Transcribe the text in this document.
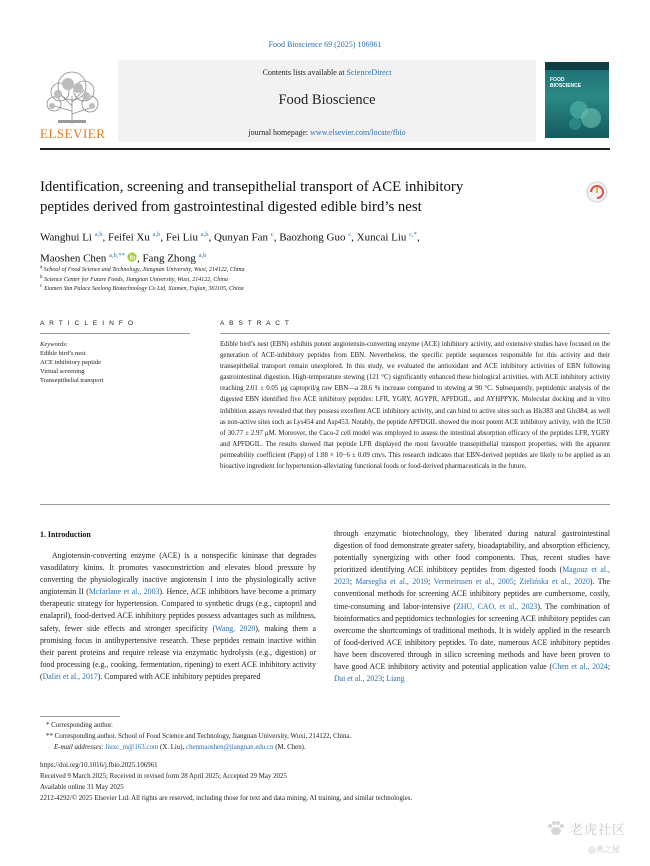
Food Bioscience 69 (2025) 106961
ELSEVIER
Contents lists available at ScienceDirect
Food Bioscience
journal homepage: www.elsevier.com/locate/fbio
FOOD
BIOSCIENCE
Identification, screening and transepithelial transport of ACE inhibitory
peptides derived from gastrointestinal digested edible bird’s nest
Wanghui Li $^{a,b}$, Feifei Xu $^{a,b}$, Fei Liu $^{a,b}$, Qunyan Fan $^c$, Baozhong Guo $^c$, Xuncai Liu $^{c,*}$,
Maoshen Chen $^{a,b,**}$ , Fang Zhong $^{a,b}$
$^a$ School of Food Science and Technology, Jiangnan University, Wuxi, 214122, China
$^b$ Science Center for Future Foods, Jiangnan University, Wuxi, 214122, China
$^c$ Xiamen Yan Palace Seelong Biotechnology Co Ltd, Xiamen, Fujian, 361105, China
A R T I C L E I N F O	A B S T R A C T
Keywords:
Edible bird’s nest
ACE inhibitory peptide
Virtual screening
Transepithelial transport
Edible bird’s nest (EBN) exhibits potent angiotensin-converting enzyme (ACE) inhibitory activity, and extensive studies have focused on the generation of ACE-inhibitory peptides from EBN. Nevertheless, the specific peptide sequences responsible for this activity and their transepithelial transport remain unexplored. In this study, we evaluated the antioxidant and ACE inhibitory activities of EBN following gastrointestinal digestion. High-temperature stewing (121 °C) significantly enhanced these biological activities, with ACE inhibitory activity reaching 2.01 ± 0.05 μg captopril/g raw EBN—a 28.6 % increase compared to stewing at 90 °C. Subsequently, peptidomic analysis of the digested EBN identified five ACE inhibitory peptides: LFR, YGRY, AGYPR, APFDGIL, and AYHPPYK. Molecular docking and in vitro inhibition assays revealed that they possess excellent ACE inhibitory activity, and can bind to active sites such as His383 and Glu384, as well as non-active sites such as Lys454 and Asp453. Notably, the peptide APFDGIL showed the most potent ACE inhibitory activity, with the IC50 of 30.77 ± 2.97 μM. Moreover, the Caco-2 cell model was employed to assess the intestinal absorption efficacy of the peptides LFR, YGRY and APFDGIL. The results showed that peptide LFR displayed the most favorable transepithelial transport properties, with the apparent permeability coefficient (Papp) of 1.88 × 10−6 ± 0.09 cm/s. This research indicates that EBN-derived peptides are likely to be applied as an bioactive ingredient for hypertension-alleviating functional foods or food-derived pharmaceuticals in the future.
1. Introduction

Angiotensin-converting enzyme (ACE) is a nonspecific kininase that degrades vasodilatory kinins. It promotes vasoconstriction and elevates blood pressure by converting the physiologically inactive angiotensin I into the physiologically active angiotensin II (Mcfarlane et al., 2003). Hence, ACE inhibitors have become a primary therapeutic strategy for hypertension. Compared to synthetic drugs (e.g., captopril and enalapril), food-derived ACE inhibitory peptides possess advantages such as mildness, safety, fewer side effects and stronger specificity (Wang, 2020), making them a promising focus in antihypertensive research. These peptides remain inactive within their parent proteins and require release via enzymatic hydrolysis (e.g., digestion) or food processing (e.g., cooking, fermentation, ripening) to exert ACE inhibitory activity (Daliri et al., 2017). Compared with ACE inhibitory peptides prepared

through enzymatic biotechnology, they liberated during natural gastrointestinal digestion of food demonstrate greater safety, bioadaptability, and absorption efficiency, potentially synergizing with other food components. Thus, recent studies have prioritized identifying ACE inhibitory peptides from digested foods (Magouz et al., 2023; Marseglia et al., 2019; Vermeirssen et al., 2005; Zielińska et al., 2020). The conventional methods for screening ACE inhibitory peptides are cumbersome, costly, time-consuming and labor-intensive (ZHU, CAO, et al., 2023). The combination of bioinformatics and peptidomics technologies for screening ACE inhibitory peptides can overcome the shortcomings of traditional methods. It is widely applied in the research of food-derived ACE inhibitory peptides. To date, numerous ACE inhibitory peptides have been discovered through in silico screening methods and have been proven to have good ACE inhibitory activity and potential application value (Chen et al., 2024; Dai et al., 2023; Liang

* Corresponding author.
** Corresponding author. School of Food Science and Technology, Jiangnan University, Wuxi, 214122, China.
E-mail addresses: liuxc_m@163.com (X. Liu), chenmaoshen@jiangnan.edu.cn (M. Chen).
https://doi.org/10.1016/j.fbio.2025.106961
Received 9 March 2025; Received in revised form 28 April 2025; Accepted 29 May 2025
Available online 31 May 2025
2212-4292/© 2025 Elsevier Ltd. All rights are reserved, including those for text and data mining, AI training, and similar technologies.
老虎社区
@燕之屋
